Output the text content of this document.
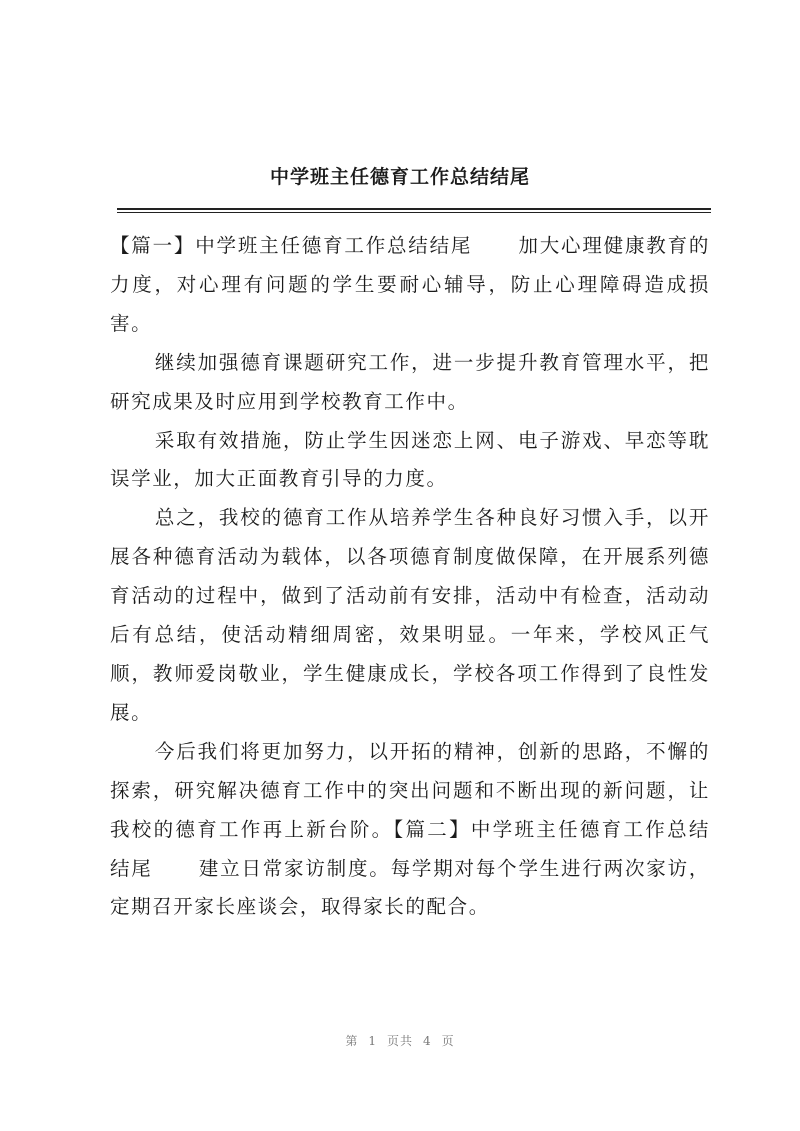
中学班主任德育工作总结结尾

【篇一】中学班主任德育工作总结结尾 加大心理健康教育的力度，对心理有问题的学生要耐心辅导，防止心理障碍造成损害。

继续加强德育课题研究工作，进一步提升教育管理水平，把研究成果及时应用到学校教育工作中。

采取有效措施，防止学生因迷恋上网、电子游戏、早恋等耽误学业，加大正面教育引导的力度。

总之，我校的德育工作从培养学生各种良好习惯入手，以开展各种德育活动为载体，以各项德育制度做保障，在开展系列德育活动的过程中，做到了活动前有安排，活动中有检查，活动动后有总结，使活动精细周密，效果明显。一年来，学校风正气顺，教师爱岗敬业，学生健康成长，学校各项工作得到了良性发展。

今后我们将更加努力，以开拓的精神，创新的思路，不懈的探索，研究解决德育工作中的突出问题和不断出现的新问题，让我校的德育工作再上新台阶。【篇二】中学班主任德育工作总结结尾 建立日常家访制度。每学期对每个学生进行两次家访，定期召开家长座谈会，取得家长的配合。

第 1 页共 4 页
